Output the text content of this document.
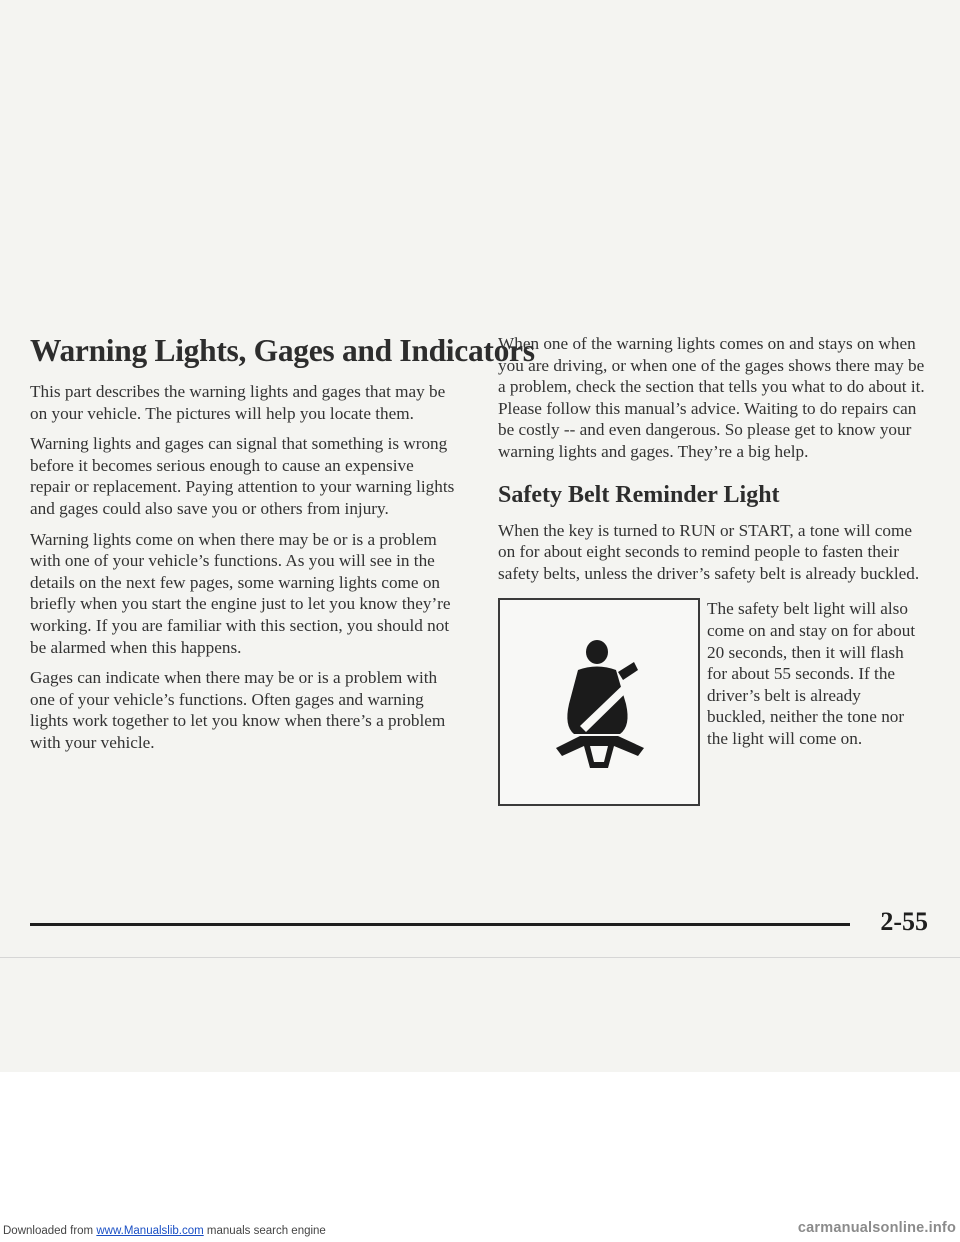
Warning Lights, Gages and Indicators

This part describes the warning lights and gages that may be on your vehicle. The pictures will help you locate them.

Warning lights and gages can signal that something is wrong before it becomes serious enough to cause an expensive repair or replacement. Paying attention to your warning lights and gages could also save you or others from injury.

Warning lights come on when there may be or is a problem with one of your vehicle’s functions. As you will see in the details on the next few pages, some warning lights come on briefly when you start the engine just to let you know they’re working. If you are familiar with this section, you should not be alarmed when this happens.

Gages can indicate when there may be or is a problem with one of your vehicle’s functions. Often gages and warning lights work together to let you know when there’s a problem with your vehicle.

When one of the warning lights comes on and stays on when you are driving, or when one of the gages shows there may be a problem, check the section that tells you what to do about it. Please follow this manual’s advice. Waiting to do repairs can be costly -- and even dangerous. So please get to know your warning lights and gages. They’re a big help.

Safety Belt Reminder Light

When the key is turned to RUN or START, a tone will come on for about eight seconds to remind people to fasten their safety belts, unless the driver’s safety belt is already buckled.

The safety belt light will also come on and stay on for about 20 seconds, then it will flash for about 55 seconds. If the driver’s belt is already buckled, neither the tone nor the light will come on.

2-55
Downloaded from www.Manualslib.com manuals search engine	carmanualsonline.info
